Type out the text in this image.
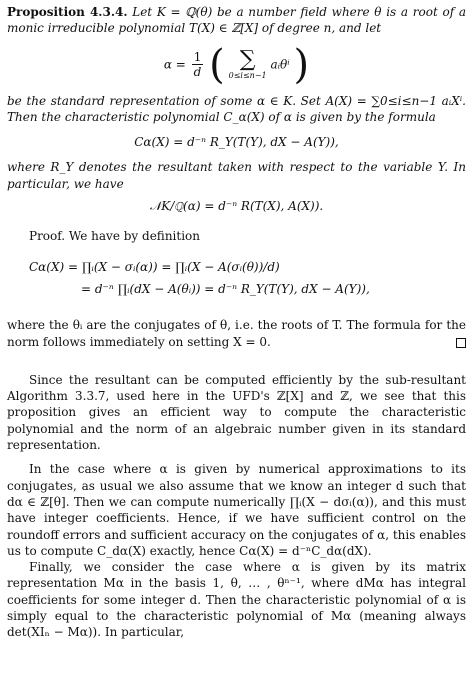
Proposition 4.3.4. Let K = ℚ(θ) be a number field where θ is a root of a monic irreducible polynomial T(X) ∈ ℤ[X] of degree n, and let

$\alpha = \frac{1}{d}$ ( ∑
0≤i≤n−1
aᵢθⁱ )

be the standard representation of some α ∈ K. Set A(X) = ∑0≤i≤n−1 aᵢXⁱ. Then the characteristic polynomial C_α(X) of α is given by the formula

Cα(X) = d⁻ⁿ R_Y(T(Y), dX − A(Y)),

where R_Y denotes the resultant taken with respect to the variable Y. In particular, we have

𝒩K/ℚ(α) = d⁻ⁿ R(T(X), A(X)).

Proof. We have by definition

Cα(X) = ∏ᵢ(X − σᵢ(α)) = ∏ᵢ(X − A(σᵢ(θ))/d)
= d⁻ⁿ ∏ᵢ(dX − A(θᵢ)) = d⁻ⁿ R_Y(T(Y), dX − A(Y)),

where the θᵢ are the conjugates of θ, i.e. the roots of T. The formula for the norm follows immediately on setting X = 0.

Since the resultant can be computed efficiently by the sub-resultant Algorithm 3.3.7, used here in the UFD's ℤ[X] and ℤ, we see that this proposition gives an efficient way to compute the characteristic polynomial and the norm of an algebraic number given in its standard representation.

In the case where α is given by numerical approximations to its conjugates, as usual we also assume that we know an integer d such that dα ∈ ℤ[θ]. Then we can compute numerically ∏ᵢ(X − dσᵢ(α)), and this must have integer coefficients. Hence, if we have sufficient control on the roundoff errors and sufficient accuracy on the conjugates of α, this enables us to compute C_dα(X) exactly, hence Cα(X) = d⁻ⁿC_dα(dX).

Finally, we consider the case where α is given by its matrix representation Mα in the basis 1, θ, … , θⁿ⁻¹, where dMα has integral coefficients for some integer d. Then the characteristic polynomial of α is simply equal to the characteristic polynomial of Mα (meaning always det(XIₙ − Mα)). In particular,
